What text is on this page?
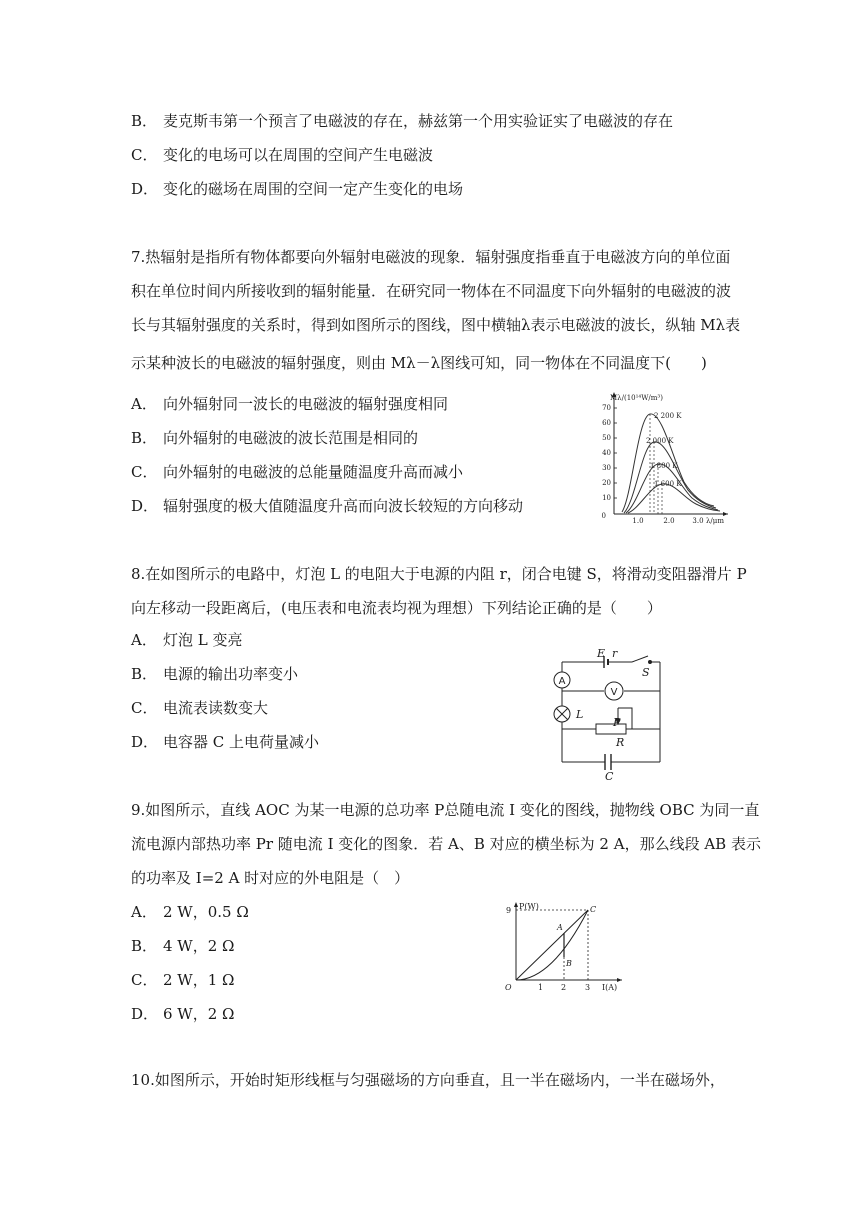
B． 麦克斯韦第一个预言了电磁波的存在，赫兹第一个用实验证实了电磁波的存在
C． 变化的电场可以在周围的空间产生电磁波
D． 变化的磁场在周围的空间一定产生变化的电场
7.热辐射是指所有物体都要向外辐射电磁波的现象．辐射强度指垂直于电磁波方向的单位面
积在单位时间内所接收到的辐射能量．在研究同一物体在不同温度下向外辐射的电磁波的波
长与其辐射强度的关系时，得到如图所示的图线，图中横轴λ表示电磁波的波长，纵轴 Mλ表
示某种波长的电磁波的辐射强度，则由 Mλ－λ图线可知，同一物体在不同温度下(　　)
A． 向外辐射同一波长的电磁波的辐射强度相同
B． 向外辐射的电磁波的波长范围是相同的
C． 向外辐射的电磁波的总能量随温度升高而减小
D． 辐射强度的极大值随温度升高而向波长较短的方向移动
Mλ/(10¹⁴W/m³)
70
60
50
40
30
20
10
0
1.0	2.0	3.0 λ/μm
2 200 K
2 000 K
1 800 K
1 600 K
8.在如图所示的电路中，灯泡 L 的电阻大于电源的内阻 r，闭合电键 S，将滑动变阻器滑片 P
向左移动一段距离后，(电压表和电流表均视为理想）下列结论正确的是（　　）
A． 灯泡 L 变亮
B． 电源的输出功率变小
C． 电流表读数变大
D． 电容器 C 上电荷量减小
E r
S
L
P
R
C
A
V
9.如图所示，直线 AOC 为某一电源的总功率 P总随电流 I 变化的图线，抛物线 OBC 为同一直
流电源内部热功率 Pr 随电流 I 变化的图象．若 A、B 对应的横坐标为 2 A，那么线段 AB 表示
的功率及 I=2 A 时对应的外电阻是（　）
A． 2 W，0.5 Ω
B． 4 W，2 Ω
C． 2 W，1 Ω
D． 6 W，2 Ω
P(W)
9
O	1 2 3 I(A)
A
B
C
10.如图所示，开始时矩形线框与匀强磁场的方向垂直，且一半在磁场内，一半在磁场外，
